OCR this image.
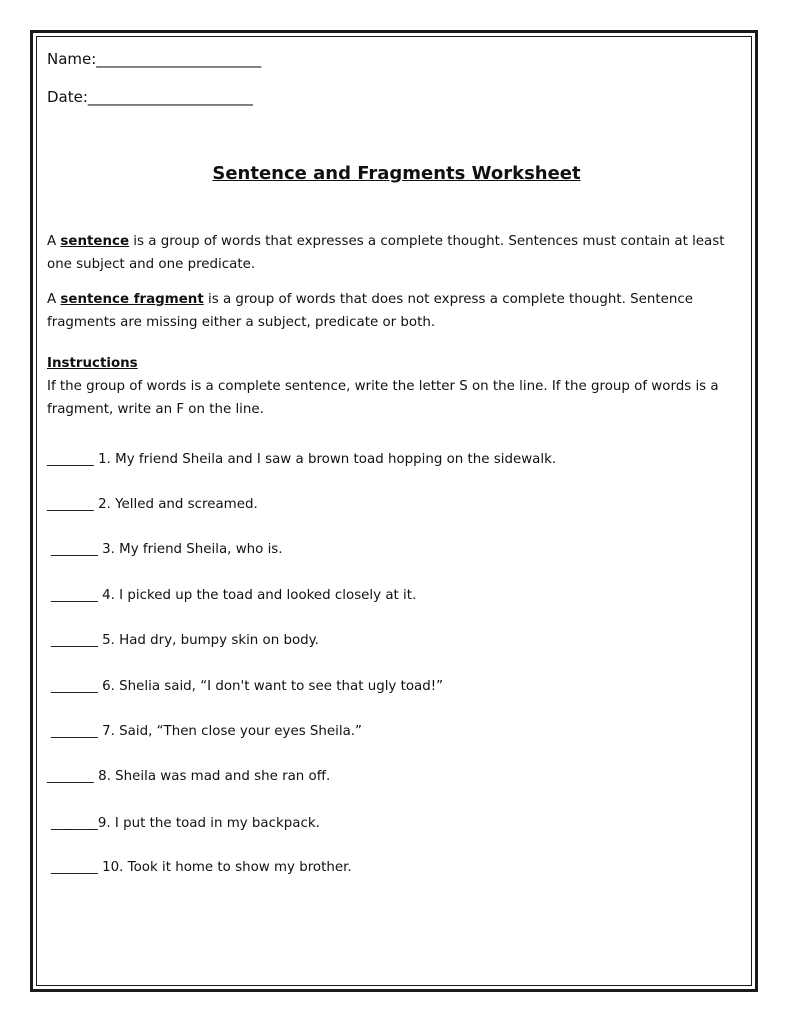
Name:______________________
Date:______________________
Sentence and Fragments Worksheet
A sentence is a group of words that expresses a complete thought. Sentences must contain at least one subject and one predicate.
A sentence fragment is a group of words that does not express a complete thought. Sentence fragments are missing either a subject, predicate or both.
Instructions
If the group of words is a complete sentence, write the letter S on the line. If the group of words is a fragment, write an F on the line.
_______ 1. My friend Sheila and I saw a brown toad hopping on the sidewalk.
_______ 2. Yelled and screamed.
_______ 3. My friend Sheila, who is.
_______ 4. I picked up the toad and looked closely at it.
_______ 5. Had dry, bumpy skin on body.
_______ 6. Shelia said, “I don't want to see that ugly toad!”
_______ 7. Said, “Then close your eyes Sheila.”
_______ 8. Sheila was mad and she ran off.
_______9. I put the toad in my backpack.
_______ 10. Took it home to show my brother.
